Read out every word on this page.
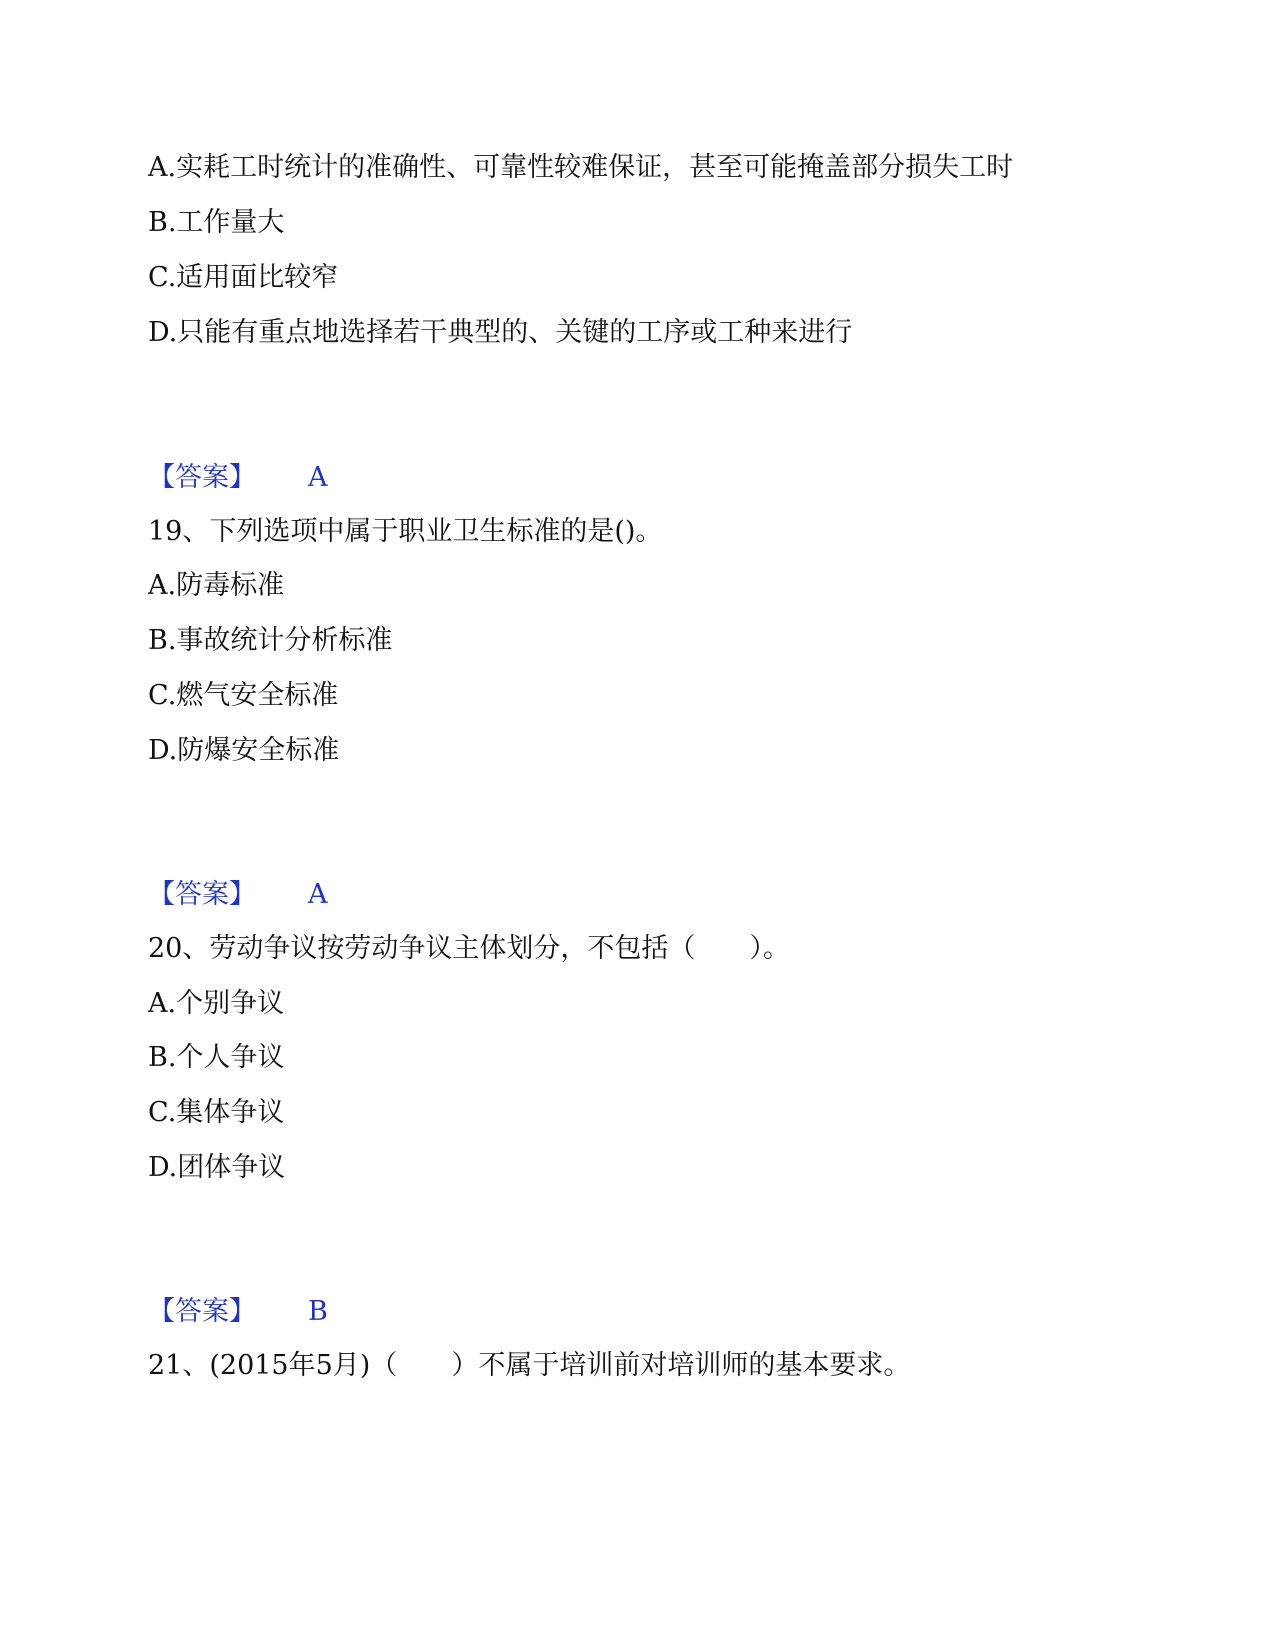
A.实耗工时统计的准确性、可靠性较难保证，甚至可能掩盖部分损失工时
B.工作量大
C.适用面比较窄
D.只能有重点地选择若干典型的、关键的工序或工种来进行
【答案】 A
19、下列选项中属于职业卫生标准的是()。
A.防毒标准
B.事故统计分析标准
C.燃气安全标准
D.防爆安全标准
【答案】 A
20、劳动争议按劳动争议主体划分，不包括（　　）。
A.个别争议
B.个人争议
C.集体争议
D.团体争议
【答案】 B
21、(2015年5月)（　　）不属于培训前对培训师的基本要求。
